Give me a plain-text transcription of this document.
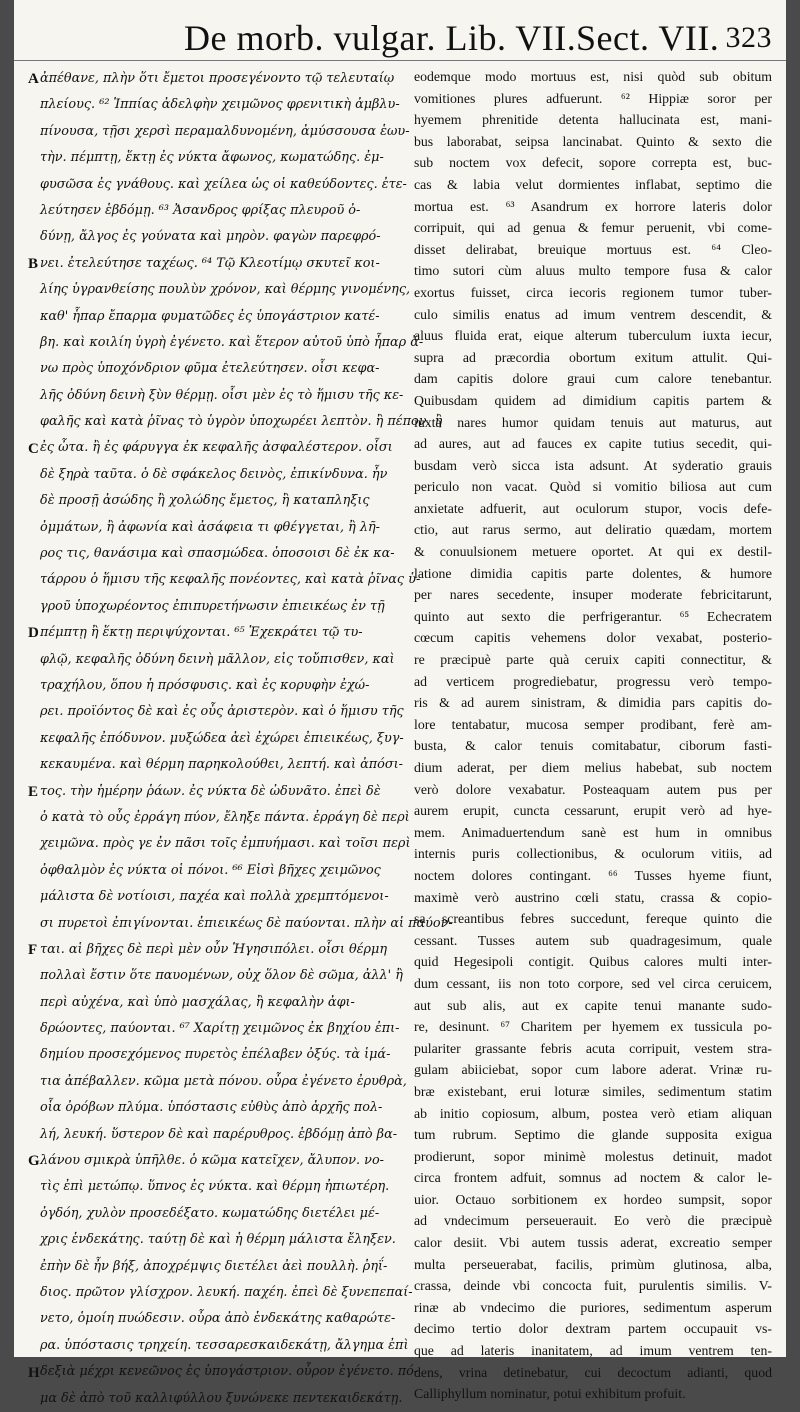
De morb. vulgar. Lib. VII. Sect. VII. 323
ἀπέθανε, πλὴν ὅτι ἔμετοι προσεγένοντο τῷ τελευταίῳ
πλείους. ⁶² Ἱππίας ἀδελφὴν χειμῶνος φρενιτικὴ ἀμβλυ-
πίνουσα, τῇσι χερσὶ περαμαλδυνομένη, ἀμύσσουσα ἑωυ-
τὴν. πέμπτῃ, ἕκτῃ ἐς νύκτα ἄφωνος, κωματώδης. ἐμ-
φυσῶσα ἐς γνάθους. καὶ χείλεα ὡς οἱ καθεύδοντες. ἐτε-
λεύτησεν ἑβδόμῃ. ⁶³ Ἀσανδρος φρίξας πλευροῦ ὀ-
δύνῃ, ἄλγος ἐς γούνατα καὶ μηρὸν. φαγὼν παρεφρό-
νει. ἐτελεύτησε ταχέως. ⁶⁴ Τῷ Κλεοτίμῳ σκυτεῖ κοι-
λίης ὑγρανθείσης πουλὺν χρόνον, καὶ θέρμης γινομένης,
καθ' ἧπαρ ἔπαρμα φυματῶδες ἐς ὑπογάστριον κατέ-
βη. καὶ κοιλίη ὑγρὴ ἐγένετο. καὶ ἕτερον αὐτοῦ ὑπὸ ἧπαρ ἄ-
νω πρὸς ὑποχόνδριον φῦμα ἐτελεύτησεν. οἷσι κεφα-
λῆς ὀδύνη δεινὴ ξὺν θέρμῃ. οἷσι μὲν ἐς τὸ ἥμισυ τῆς κε-
φαλῆς καὶ κατὰ ῥῖνας τὸ ὑγρὸν ὑποχωρέει λεπτὸν. ἢ πέπον. ἢ
ἐς ὦτα. ἢ ἐς φάρυγγα ἐκ κεφαλῆς ἀσφαλέστερον. οἷσι
δὲ ξηρὰ ταῦτα. ὁ δὲ σφάκελος δεινὸς, ἐπικίνδυνα. ἦν
δὲ προσῇ ἀσώδης ἢ χολώδης ἔμετος, ἢ καταπληξις
ὀμμάτων, ἢ ἀφωνία καὶ ἀσάφεια τι φθέγγεται, ἢ λῆ-
ρος τις, θανάσιμα καὶ σπασμώδεα. ὁποσοισι δὲ ἐκ κα-
τάρρου ὁ ἥμισυ τῆς κεφαλῆς πονέοντες, καὶ κατὰ ῥῖνας ὑ-
γροῦ ὑποχωρέοντος ἐπιπυρετήνωσιν ἐπιεικέως ἐν τῇ
πέμπτῃ ἢ ἕκτῃ περιψύχονται. ⁶⁵ Ἐχεκράτει τῷ τυ-
φλῷ, κεφαλῆς ὀδύνη δεινὴ μᾶλλον, εἰς τοὔπισθεν, καὶ
τραχήλου, ὅπου ἡ πρόσφυσις. καὶ ἐς κορυφὴν ἐχώ-
ρει. προϊόντος δὲ καὶ ἐς οὖς ἀριστερὸν. καὶ ὁ ἥμισυ τῆς
κεφαλῆς ἐπόδυνον. μυξώδεα ἀεὶ ἐχώρει ἐπιεικέως, ξυγ-
κεκαυμένα. καὶ θέρμη παρηκολούθει, λεπτή. καὶ ἀπόσι-
τος. τὴν ἡμέρην ῥάων. ἐς νύκτα δὲ ὠδυνᾶτο. ἐπεὶ δὲ
ὁ κατὰ τὸ οὖς ἐρράγη πύον, ἔληξε πάντα. ἐρράγη δὲ περὶ
χειμῶνα. πρὸς γε ἐν πᾶσι τοῖς ἐμπυήμασι. καὶ τοῖσι περὶ
ὀφθαλμὸν ἐς νύκτα οἱ πόνοι. ⁶⁶ Εἰσὶ βῆχες χειμῶνος
μάλιστα δὲ νοτίοισι, παχέα καὶ πολλὰ χρεμπτόμενοι-
σι πυρετοὶ ἐπιγίνονται. ἐπιεικέως δὲ παύονται. πλὴν αἱ παύον-
ται. αἱ βῆχες δὲ περὶ μὲν οὖν Ἡγησιπόλει. οἷσι θέρμη
πολλαὶ ἔστιν ὅτε παυομένων, οὐχ ὅλον δὲ σῶμα, ἀλλ' ἢ
περὶ αὐχένα, καὶ ὑπὸ μασχάλας, ἢ κεφαλὴν ἀφι-
δρώοντες, παύονται. ⁶⁷ Χαρίτῃ χειμῶνος ἐκ βηχίου ἐπι-
δημίου προσεχόμενος πυρετὸς ἐπέλαβεν ὀξύς. τὰ ἱμά-
τια ἀπέβαλλεν. κῶμα μετὰ πόνου. οὖρα ἐγένετο ἐρυθρὰ,
οἷα ὀρόβων πλύμα. ὑπόστασις εὐθὺς ἀπὸ ἀρχῆς πολ-
λή, λευκή. ὕστερον δὲ καὶ παρέρυθρος. ἑβδόμῃ ἀπὸ βα-
λάνου σμικρὰ ὑπῆλθε. ὁ κῶμα κατεῖχεν, ἄλυπον. νο-
τὶς ἐπὶ μετώπῳ. ὕπνος ἐς νύκτα. καὶ θέρμη ἠπιωτέρη.
ὀγδόη, χυλὸν προσεδέξατο. κωματώδης διετέλει μέ-
χρις ἑνδεκάτης. ταύτῃ δὲ καὶ ἡ θέρμη μάλιστα ἔληξεν.
ἐπὴν δὲ ἦν βήξ, ἀποχρέμψις διετέλει ἀεὶ πουλλὴ. ῥηΐ-
διος. πρῶτον γλίσχρον. λευκή. παχέη. ἐπεὶ δὲ ξυνεπεπαί-
νετο, ὁμοίη πυώδεσιν. οὖρα ἀπὸ ἑνδεκάτης καθαρώτε-
ρα. ὑπόστασις τρηχείη. τεσσαρεσκαιδεκάτῃ, ἄλγημα ἐπὶ
δεξιὰ μέχρι κενεῶνος ἐς ὑπογάστριον. οὖρον ἐγένετο. πό-
μα δὲ ἀπὸ τοῦ καλλιφύλλου ξυνώνεκε πεντεκαιδεκάτῃ.
A
B
C
D
E
F
G
H
eodemque modo mortuus est, nisi quòd sub obitum
vomitiones plures adfuerunt. ⁶² Hippiæ soror per
hyemem phrenitide detenta hallucinata est, mani-
bus laborabat, seipsa lancinabat. Quinto & sexto die
sub noctem vox defecit, sopore correpta est, buc-
cas & labia velut dormientes inflabat, septimo die
mortua est. ⁶³ Asandrum ex horrore lateris dolor
corripuit, qui ad genua & femur peruenit, vbi come-
disset delirabat, breuique mortuus est. ⁶⁴ Cleo-
timo sutori cùm aluus multo tempore fusa & calor
exortus fuisset, circa iecoris regionem tumor tuber-
culo similis enatus ad imum ventrem descendit, &
aluus fluida erat, eique alterum tuberculum iuxta iecur,
supra ad præcordia obortum exitum attulit. Qui-
dam capitis dolore graui cum calore tenebantur.
Quibusdam quidem ad dimidium capitis partem &
iuxta nares humor quidam tenuis aut maturus, aut
ad aures, aut ad fauces ex capite tutius secedit, qui-
busdam verò sicca ista adsunt. At syderatio grauis
periculo non vacat. Quòd si vomitio biliosa aut cum
anxietate adfuerit, aut oculorum stupor, vocis defe-
ctio, aut rarus sermo, aut deliratio quædam, mortem
& conuulsionem metuere oportet. At qui ex destil-
latione dimidia capitis parte dolentes, & humore
per nares secedente, insuper moderate febricitarunt,
quinto aut sexto die perfrigerantur. ⁶⁵ Echecratem
cœcum capitis vehemens dolor vexabat, posterio-
re præcipuè parte quà ceruix capiti connectitur, &
ad verticem progrediebatur, progressu verò tempo-
ris & ad aurem sinistram, & dimidia pars capitis do-
lore tentabatur, mucosa semper prodibant, ferè am-
busta, & calor tenuis comitabatur, ciborum fasti-
dium aderat, per diem melius habebat, sub noctem
verò dolore vexabatur. Posteaquam autem pus per
aurem erupit, cuncta cessarunt, erupit verò ad hye-
mem. Animaduertendum sanè est hum in omnibus
internis puris collectionibus, & oculorum vitiis, ad
noctem dolores contingant. ⁶⁶ Tusses hyeme fiunt,
maximè verò austrino cœli statu, crassa & copio-
sa screantibus febres succedunt, fereque quinto die
cessant. Tusses autem sub quadragesimum, quale
quid Hegesipoli contigit. Quibus calores multi inter-
dum cessant, iis non toto corpore, sed vel circa ceruicem,
aut sub alis, aut ex capite tenui manante sudo-
re, desinunt. ⁶⁷ Charitem per hyemem ex tussicula po-
pulariter grassante febris acuta corripuit, vestem stra-
gulam abiiciebat, sopor cum labore aderat. Vrinæ ru-
bræ existebant, erui loturæ similes, sedimentum statim
ab initio copiosum, album, postea verò etiam aliquan
tum rubrum. Septimo die glande supposita exigua
prodierunt, sopor minimè molestus detinuit, madot
circa frontem adfuit, somnus ad noctem & calor le-
uior. Octauo sorbitionem ex hordeo sumpsit, sopor
ad vndecimum perseuerauit. Eo verò die præcipuè
calor desiit. Vbi autem tussis aderat, excreatio semper
multa perseuerabat, facilis, primùm glutinosa, alba,
crassa, deinde vbi concocta fuit, purulentis similis. V-
rinæ ab vndecimo die puriores, sedimentum asperum
decimo tertio dolor dextram partem occupauit vs-
que ad lateris inanitatem, ad imum ventrem ten-
dens, vrina detinebatur, cui decoctum adianti, quod
Calliphyllum nominatur, potui exhibitum profuit.
